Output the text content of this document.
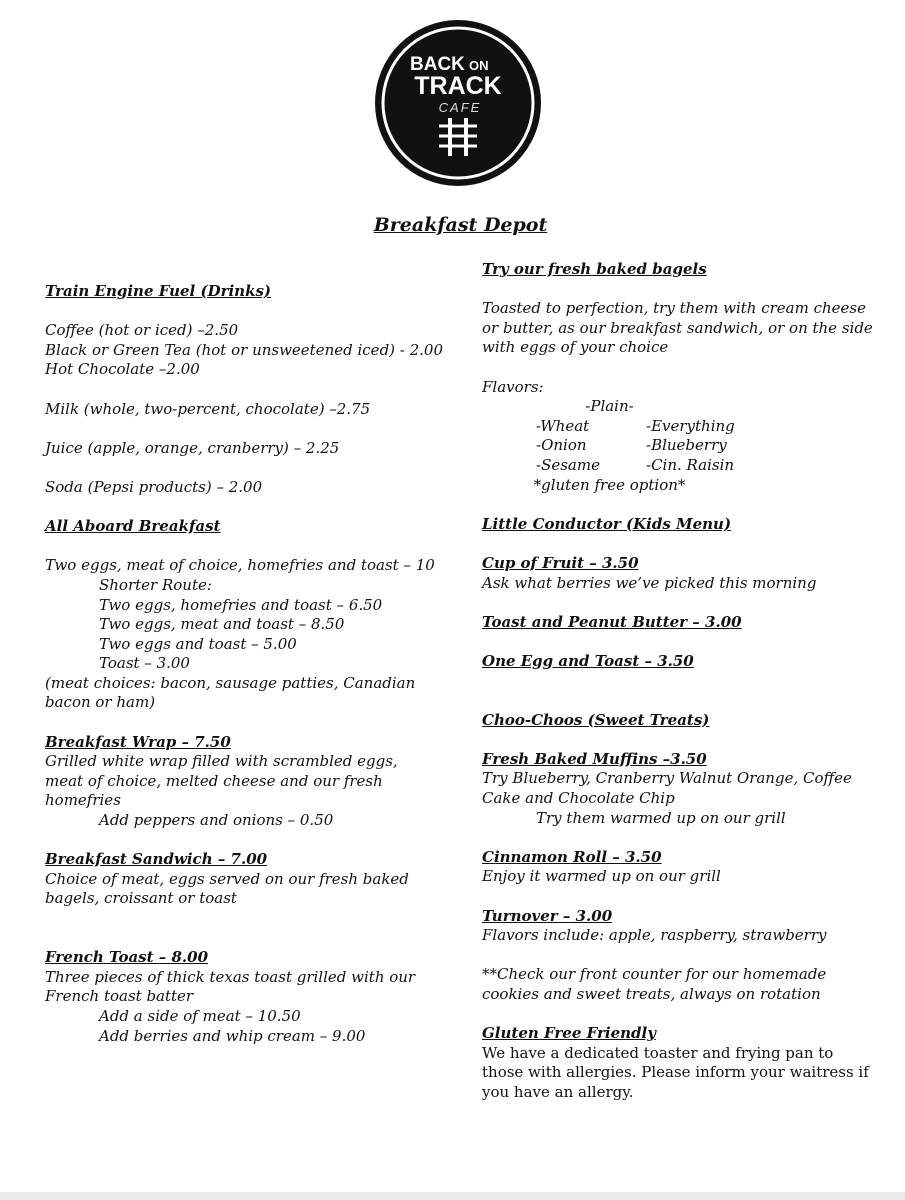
BACK ON
TRACK
CAFE
Breakfast Depot
Train Engine Fuel (Drinks)
Coffee (hot or iced) –2.50
Black or Green Tea (hot or unsweetened iced) - 2.00
Hot Chocolate –2.00
Milk (whole, two-percent, chocolate) –2.75
Juice (apple, orange, cranberry) – 2.25
Soda (Pepsi products) – 2.00
All Aboard Breakfast
Two eggs, meat of choice, homefries and toast – 10
Shorter Route:
Two eggs, homefries and toast – 6.50
Two eggs, meat and toast – 8.50
Two eggs and toast – 5.00
Toast – 3.00
(meat choices: bacon, sausage patties, Canadian bacon or ham)
Breakfast Wrap – 7.50
Grilled white wrap filled with scrambled eggs, meat of choice, melted cheese and our fresh homefries
Add peppers and onions – 0.50
Breakfast Sandwich – 7.00
Choice of meat, eggs served on our fresh baked bagels, croissant or toast
French Toast – 8.00
Three pieces of thick texas toast grilled with our French toast batter
Add a side of meat – 10.50
Add berries and whip cream – 9.00
Try our fresh baked bagels
Toasted to perfection, try them with cream cheese or butter, as our breakfast sandwich, or on the side with eggs of your choice
Flavors:
-Plain-
-Wheat	-Everything
-Onion	-Blueberry
-Sesame	-Cin. Raisin
*gluten free option*
Little Conductor (Kids Menu)
Cup of Fruit – 3.50
Ask what berries we’ve picked this morning
Toast and Peanut Butter – 3.00
One Egg and Toast – 3.50
Choo-Choos (Sweet Treats)
Fresh Baked Muffins –3.50
Try Blueberry, Cranberry Walnut Orange, Coffee Cake and Chocolate Chip
Try them warmed up on our grill
Cinnamon Roll – 3.50
Enjoy it warmed up on our grill
Turnover – 3.00
Flavors include: apple, raspberry, strawberry
**Check our front counter for our homemade cookies and sweet treats, always on rotation
Gluten Free Friendly
We have a dedicated toaster and frying pan to those with allergies. Please inform your waitress if you have an allergy.
